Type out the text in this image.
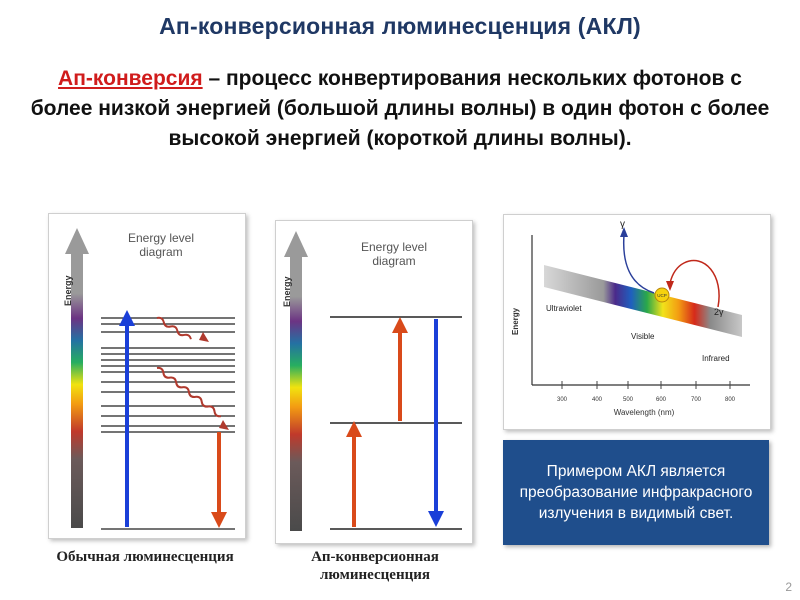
Ап-конверсионная люминесценция (АКЛ)
Ап-конверсия – процесс конвертирования нескольких фотонов с более низкой энергией (большой длины волны) в один фотон с более высокой энергией (короткой длины волны).
Energy
Energy level
diagram
Обычная люминесценция
Energy
Energy level
diagram
Ап-конверсионная
люминесценция
Energy
300	400	500	600	700	800
Wavelength (nm)
Ultraviolet
Visible
Infrared
UCP
γ
2γ
Примером АКЛ является преобразование инфракрасного излучения в видимый свет.
2
